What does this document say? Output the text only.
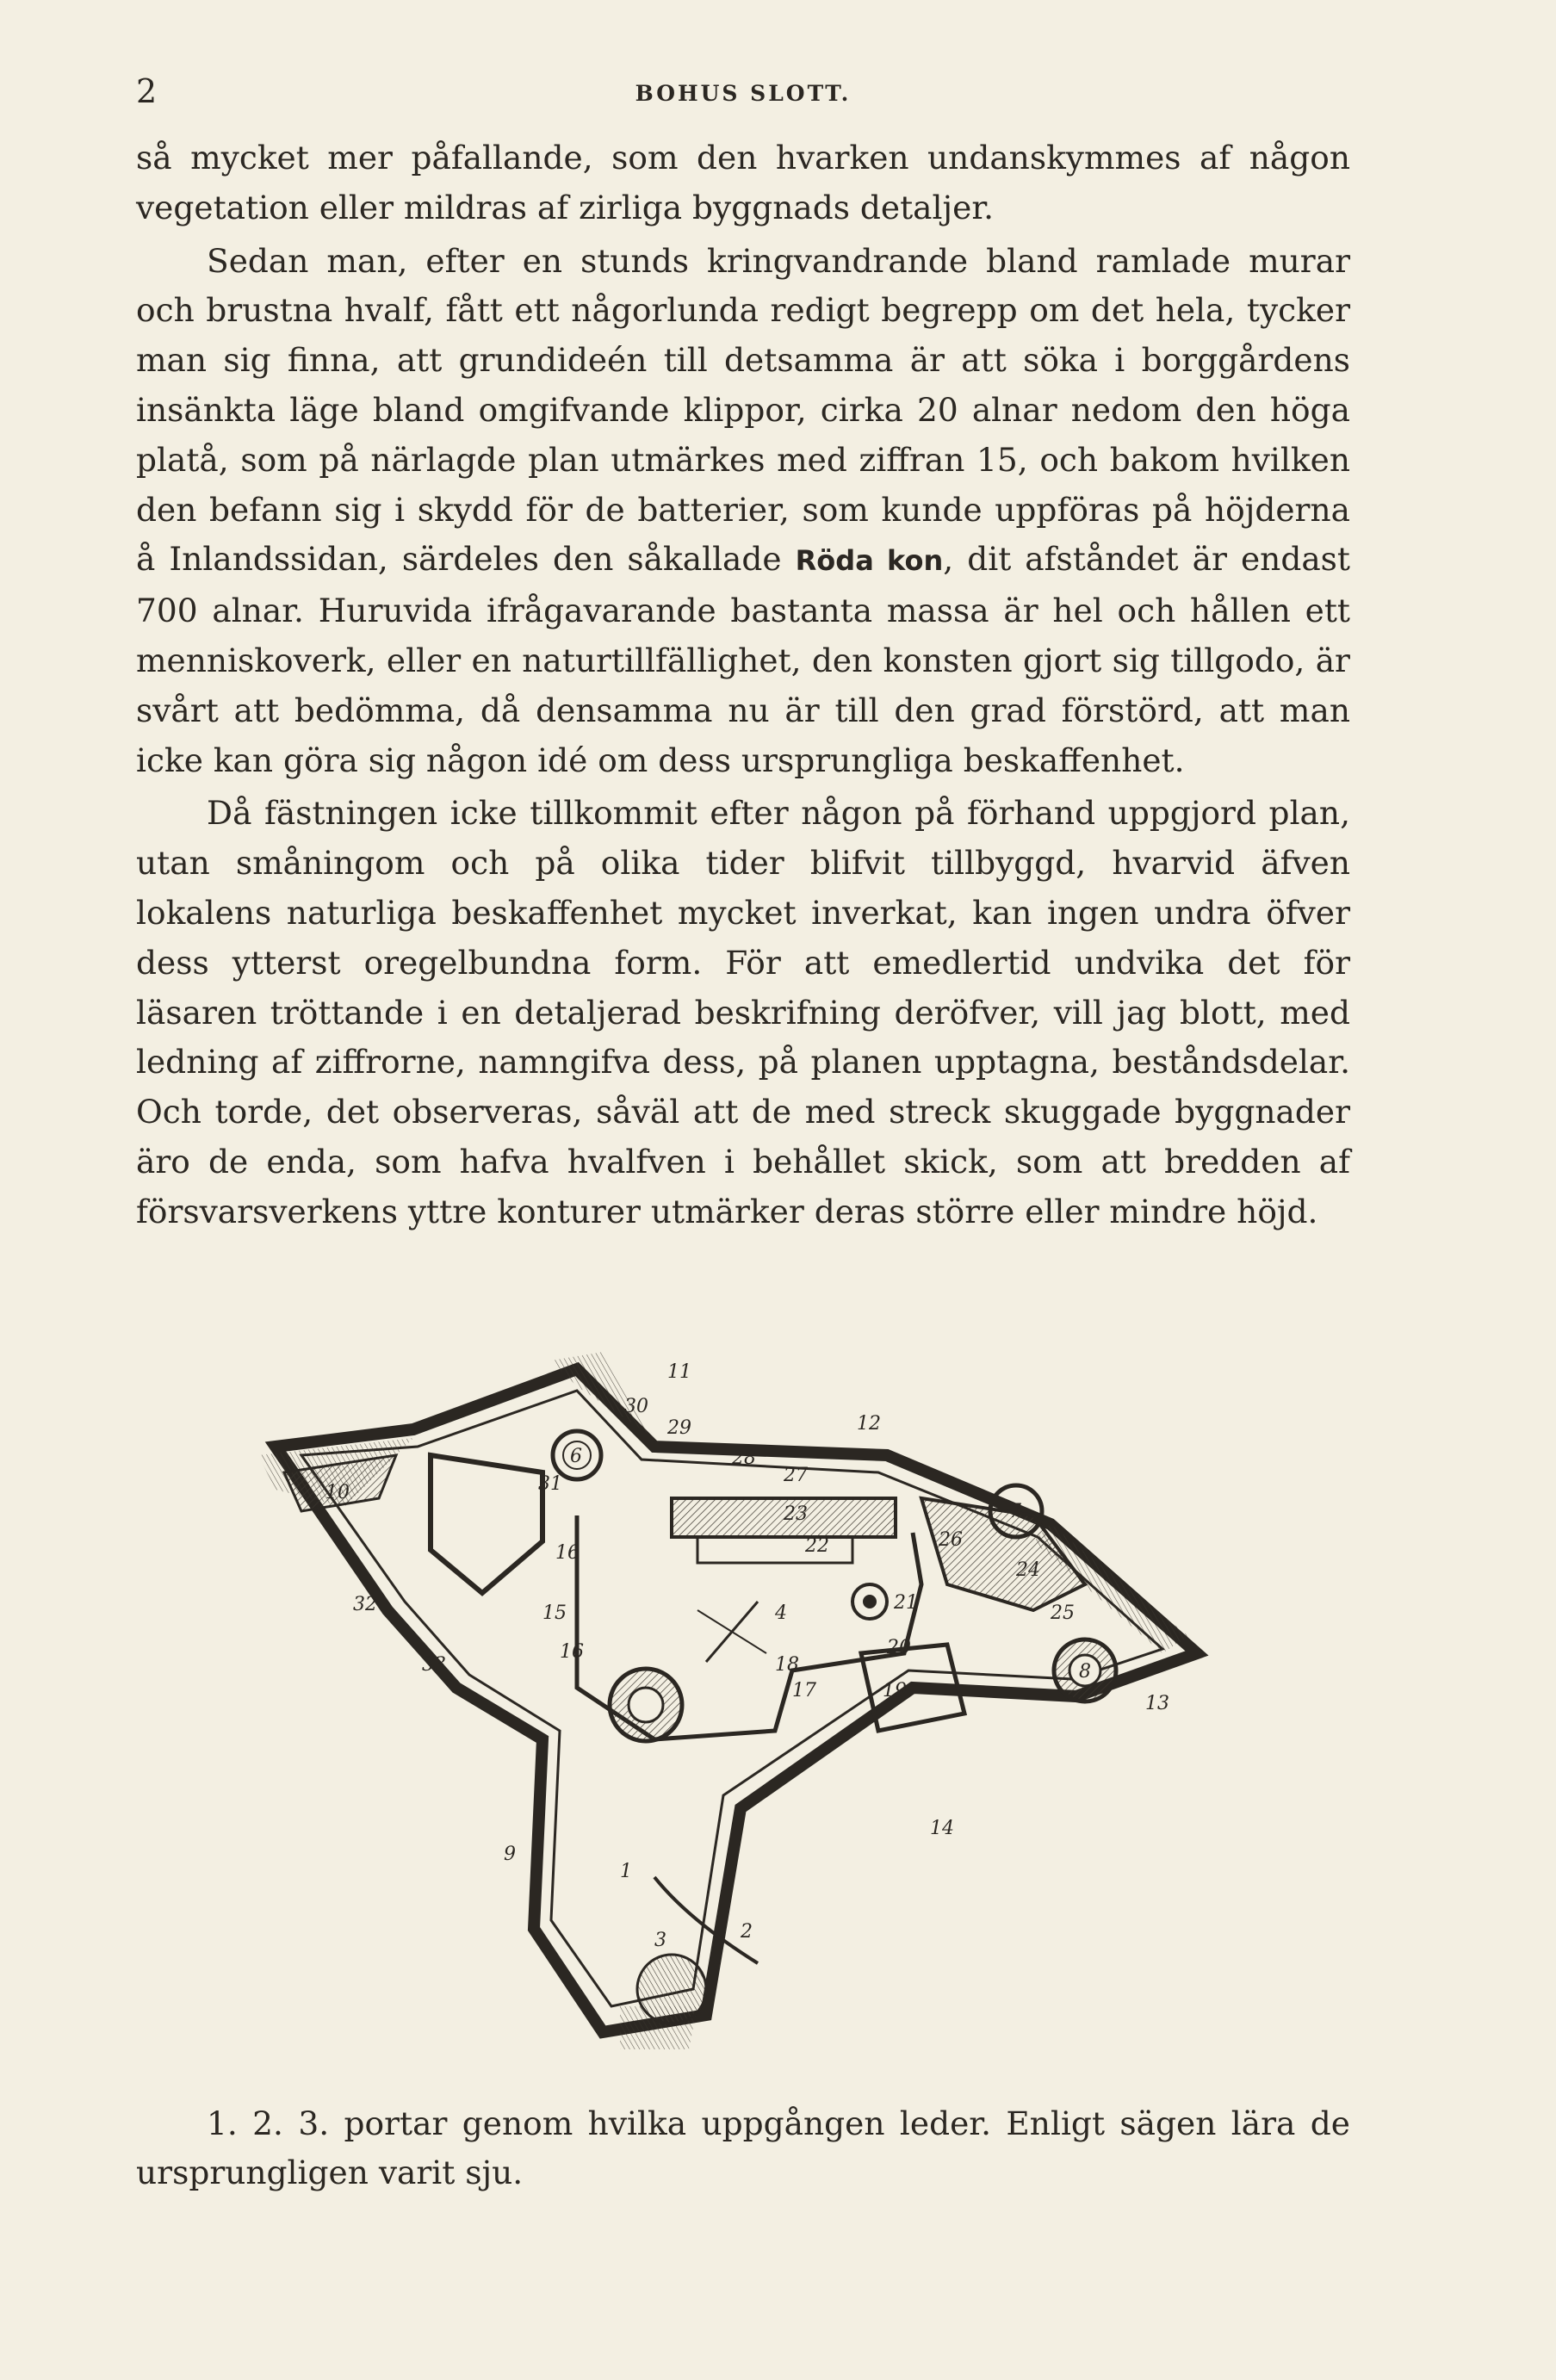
2	BOHUS SLOTT.

så mycket mer påfallande, som den hvarken undanskymmes af någon vegetation eller mildras af zirliga byggnads detaljer.

Sedan man, efter en stunds kringvandrande bland ramlade murar och brustna hvalf, fått ett någorlunda redigt begrepp om det hela, tycker man sig finna, att grundideén till detsamma är att söka i borggårdens insänkta läge bland omgifvande klippor, cirka 20 alnar nedom den höga platå, som på närlagde plan utmärkes med ziffran 15, och bakom hvilken den befann sig i skydd för de batterier, som kunde uppföras på höjderna å Inlandssidan, särdeles den såkallade Röda kon, dit afståndet är endast 700 alnar. Huruvida ifrågavarande bastanta massa är hel och hållen ett menniskoverk, eller en naturtillfällighet, den konsten gjort sig tillgodo, är svårt att bedömma, då densamma nu är till den grad förstörd, att man icke kan göra sig någon idé om dess ursprungliga beskaffenhet.

Då fästningen icke tillkommit efter någon på förhand uppgjord plan, utan småningom och på olika tider blifvit tillbyggd, hvarvid äfven lokalens naturliga beskaffenhet mycket inverkat, kan ingen undra öfver dess ytterst oregelbundna form. För att emedlertid undvika det för läsaren tröttande i en detaljerad beskrifning deröfver, vill jag blott, med ledning af ziffrorne, namngifva dess, på planen upptagna, beståndsdelar. Och torde, det observeras, såväl att de med streck skuggade byggnader äro de enda, som hafva hvalfven i behållet skick, som att bredden af försvarsverkens yttre konturer utmärker deras större eller mindre höjd.

1
2
3
4
6
7
8
9
10
11
12
13
14
15
16
16
17
18
19
20
21
22
23
24
25
26
27
28
29
30
31
32
33

1. 2. 3. portar genom hvilka uppgången leder. Enligt sägen lära de ursprungligen varit sju.
